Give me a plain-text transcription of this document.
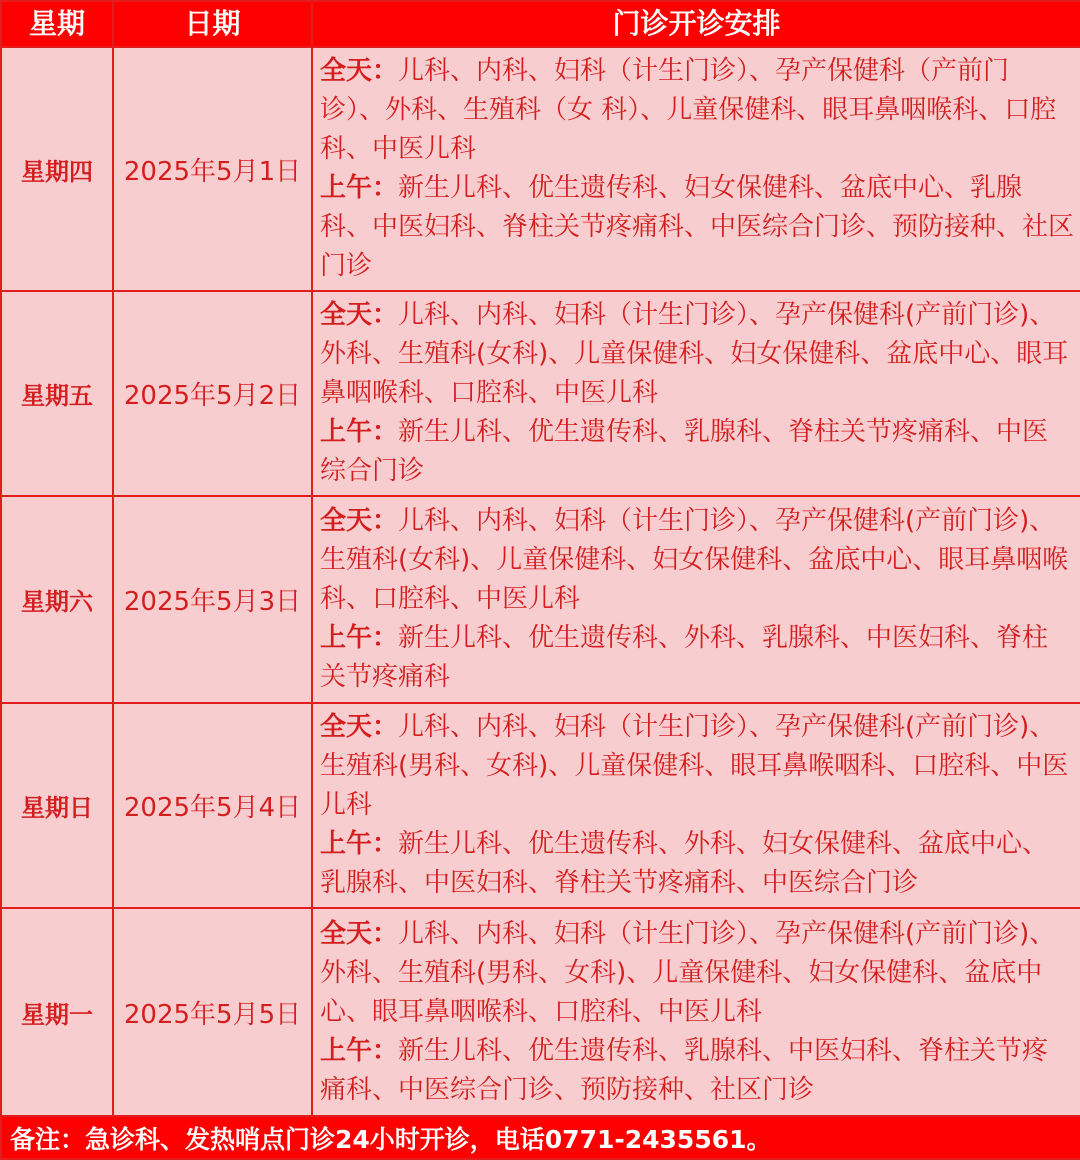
星期	日期	门诊开诊安排
星期四	2025年5月1日	全天：儿科、内科、妇科（计生门诊）、孕产保健科（产前门诊）、外科、生殖科（女 科）、儿童保健科、眼耳鼻咽喉科、口腔科、中医儿科

上午：新生儿科、优生遗传科、妇女保健科、盆底中心、乳腺科、中医妇科、脊柱关节疼痛科、中医综合门诊、预防接种、社区门诊

星期五	2025年5月2日	全天：儿科、内科、妇科（计生门诊）、孕产保健科(产前门诊)、外科、生殖科(女科)、儿童保健科、妇女保健科、盆底中心、眼耳鼻咽喉科、口腔科、中医儿科

上午：新生儿科、优生遗传科、乳腺科、脊柱关节疼痛科、中医综合门诊

星期六	2025年5月3日	全天：儿科、内科、妇科（计生门诊）、孕产保健科(产前门诊)、生殖科(女科)、儿童保健科、妇女保健科、盆底中心、眼耳鼻咽喉科、口腔科、中医儿科

上午：新生儿科、优生遗传科、外科、乳腺科、中医妇科、脊柱关节疼痛科

星期日	2025年5月4日	全天：儿科、内科、妇科（计生门诊）、孕产保健科(产前门诊)、生殖科(男科、女科)、儿童保健科、眼耳鼻喉咽科、口腔科、中医儿科

上午：新生儿科、优生遗传科、外科、妇女保健科、盆底中心、乳腺科、中医妇科、脊柱关节疼痛科、中医综合门诊

星期一	2025年5月5日	全天：儿科、内科、妇科（计生门诊）、孕产保健科(产前门诊)、外科、生殖科(男科、女科)、儿童保健科、妇女保健科、盆底中心、眼耳鼻咽喉科、口腔科、中医儿科

上午：新生儿科、优生遗传科、乳腺科、中医妇科、脊柱关节疼痛科、中医综合门诊、预防接种、社区门诊

备注：急诊科、发热哨点门诊24小时开诊，电话0771-2435561。		
